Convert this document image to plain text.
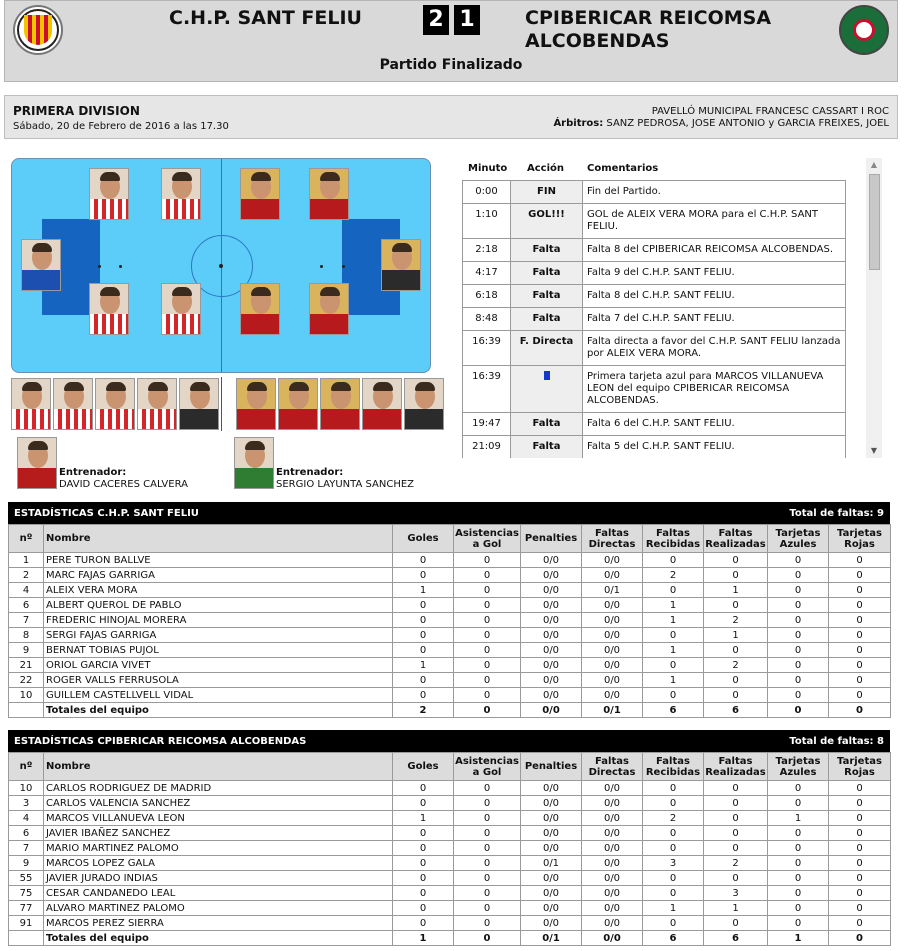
C.H.P. SANT FELIU	2 1	CPIBERICAR REICOMSA ALCOBENDAS
Partido Finalizado
PRIMERA DIVISION
Sábado, 20 de Febrero de 2016 a las 17.30
PAVELLÓ MUNICIPAL FRANCESC CASSART I ROC
Árbitros: SANZ PEDROSA, JOSE ANTONIO y GARCIA FREIXES, JOEL
Entrenador:
DAVID CACERES CALVERA
Entrenador:
SERGIO LAYUNTA SANCHEZ
Minuto Acción Comentarios
0:00	FIN	Fin del Partido.
1:10	GOL!!!	GOL de ALEIX VERA MORA para el C.H.P. SANT FELIU.
2:18	Falta	Falta 8 del CPIBERICAR REICOMSA ALCOBENDAS.
4:17	Falta	Falta 9 del C.H.P. SANT FELIU.
6:18	Falta	Falta 8 del C.H.P. SANT FELIU.
8:48	Falta	Falta 7 del C.H.P. SANT FELIU.
16:39	F. Directa	Falta directa a favor del C.H.P. SANT FELIU lanzada por ALEIX VERA MORA.
16:39		Primera tarjeta azul para MARCOS VILLANUEVA LEON del equipo CPIBERICAR REICOMSA ALCOBENDAS.
19:47	Falta	Falta 6 del C.H.P. SANT FELIU.
21:09	Falta	Falta 5 del C.H.P. SANT FELIU.
▲
▼
ESTADÍSTICAS C.H.P. SANT FELIU	Total de faltas: 9
nº	Nombre	Goles	Asistencias a Gol	Penalties	Faltas Directas	Faltas Recibidas	Faltas Realizadas	Tarjetas Azules	Tarjetas Rojas
1	PERE TURON BALLVE	0	0	0/0	0/0	0	0	0	0
2	MARC FAJAS GARRIGA	0	0	0/0	0/0	2	0	0	0
4	ALEIX VERA MORA	1	0	0/0	0/1	0	1	0	0
6	ALBERT QUEROL DE PABLO	0	0	0/0	0/0	1	0	0	0
7	FREDERIC HINOJAL MORERA	0	0	0/0	0/0	1	2	0	0
8	SERGI FAJAS GARRIGA	0	0	0/0	0/0	0	1	0	0
9	BERNAT TOBIAS PUJOL	0	0	0/0	0/0	1	0	0	0
21	ORIOL GARCIA VIVET	1	0	0/0	0/0	0	2	0	0
22	ROGER VALLS FERRUSOLA	0	0	0/0	0/0	1	0	0	0
10	GUILLEM CASTELLVELL VIDAL	0	0	0/0	0/0	0	0	0	0
	Totales del equipo	2	0	0/0	0/1	6	6	0	0
ESTADÍSTICAS CPIBERICAR REICOMSA ALCOBENDAS	Total de faltas: 8
nº	Nombre	Goles	Asistencias a Gol	Penalties	Faltas Directas	Faltas Recibidas	Faltas Realizadas	Tarjetas Azules	Tarjetas Rojas
10	CARLOS RODRIGUEZ DE MADRID	0	0	0/0	0/0	0	0	0	0
3	CARLOS VALENCIA SANCHEZ	0	0	0/0	0/0	0	0	0	0
4	MARCOS VILLANUEVA LEON	1	0	0/0	0/0	2	0	1	0
6	JAVIER IBAÑEZ SANCHEZ	0	0	0/0	0/0	0	0	0	0
7	MARIO MARTINEZ PALOMO	0	0	0/0	0/0	0	0	0	0
9	MARCOS LOPEZ GALA	0	0	0/1	0/0	3	2	0	0
55	JAVIER JURADO INDIAS	0	0	0/0	0/0	0	0	0	0
75	CESAR CANDANEDO LEAL	0	0	0/0	0/0	0	3	0	0
77	ALVARO MARTINEZ PALOMO	0	0	0/0	0/0	1	1	0	0
91	MARCOS PEREZ SIERRA	0	0	0/0	0/0	0	0	0	0
	Totales del equipo	1	0	0/1	0/0	6	6	1	0
